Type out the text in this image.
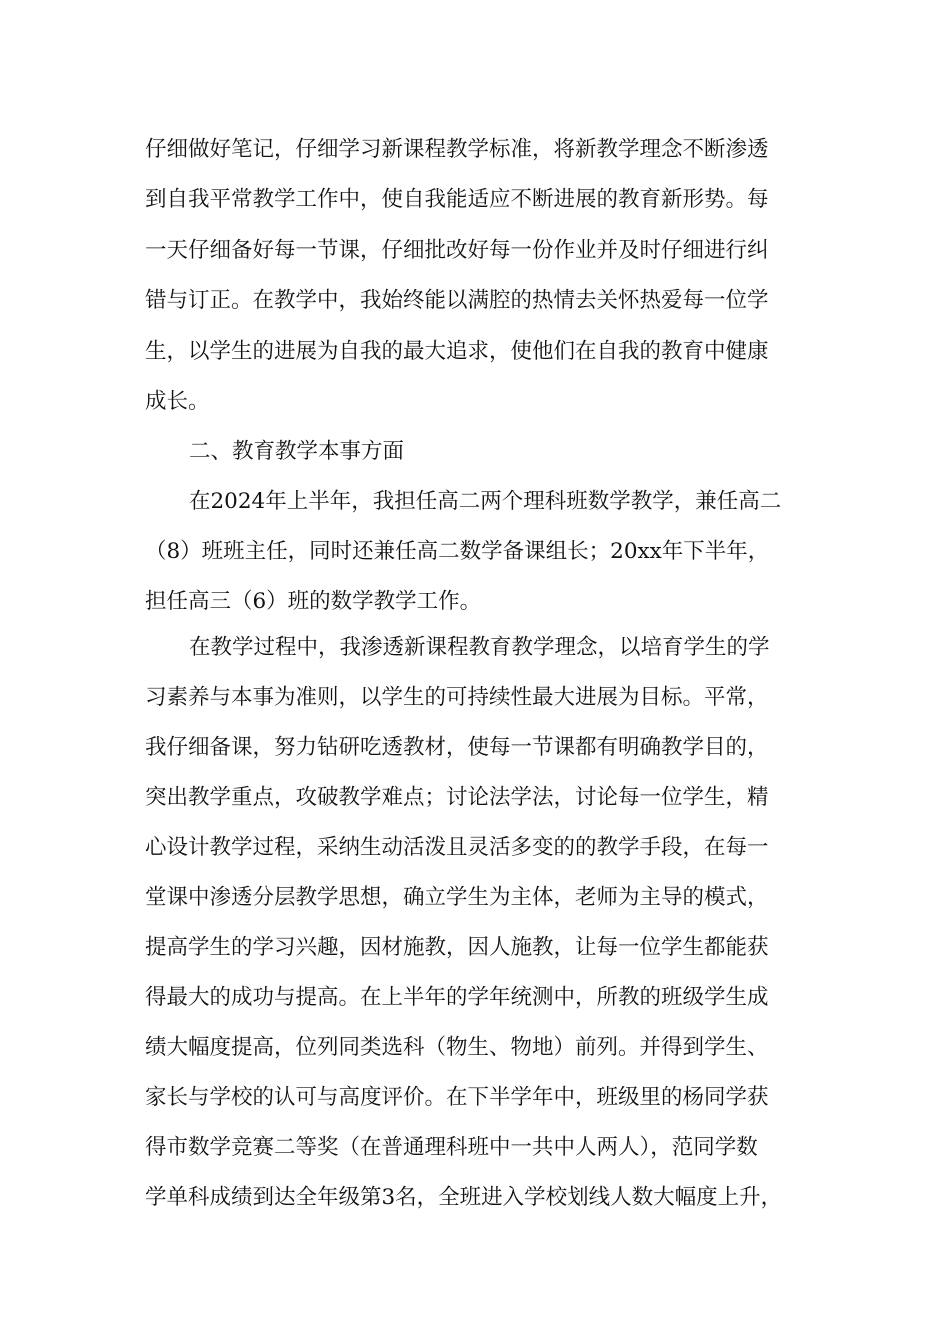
仔细做好笔记，仔细学习新课程教学标准，将新教学理念不断渗透
到自我平常教学工作中，使自我能适应不断进展的教育新形势。每
一天仔细备好每一节课，仔细批改好每一份作业并及时仔细进行纠
错与订正。在教学中，我始终能以满腔的热情去关怀热爱每一位学
生，以学生的进展为自我的最大追求，使他们在自我的教育中健康
成长。
二、教育教学本事方面
在2024年上半年，我担任高二两个理科班数学教学，兼任高二
（8）班班主任，同时还兼任高二数学备课组长；20xx年下半年，
担任高三（6）班的数学教学工作。
在教学过程中，我渗透新课程教育教学理念，以培育学生的学
习素养与本事为准则，以学生的可持续性最大进展为目标。平常，
我仔细备课，努力钻研吃透教材，使每一节课都有明确教学目的，
突出教学重点，攻破教学难点；讨论法学法，讨论每一位学生，精
心设计教学过程，采纳生动活泼且灵活多变的的教学手段，在每一
堂课中渗透分层教学思想，确立学生为主体，老师为主导的模式，
提高学生的学习兴趣，因材施教，因人施教，让每一位学生都能获
得最大的成功与提高。在上半年的学年统测中，所教的班级学生成
绩大幅度提高，位列同类选科（物生、物地）前列。并得到学生、
家长与学校的认可与高度评价。在下半学年中，班级里的杨同学获
得市数学竞赛二等奖（在普通理科班中一共中人两人），范同学数
学单科成绩到达全年级第3名，全班进入学校划线人数大幅度上升，
